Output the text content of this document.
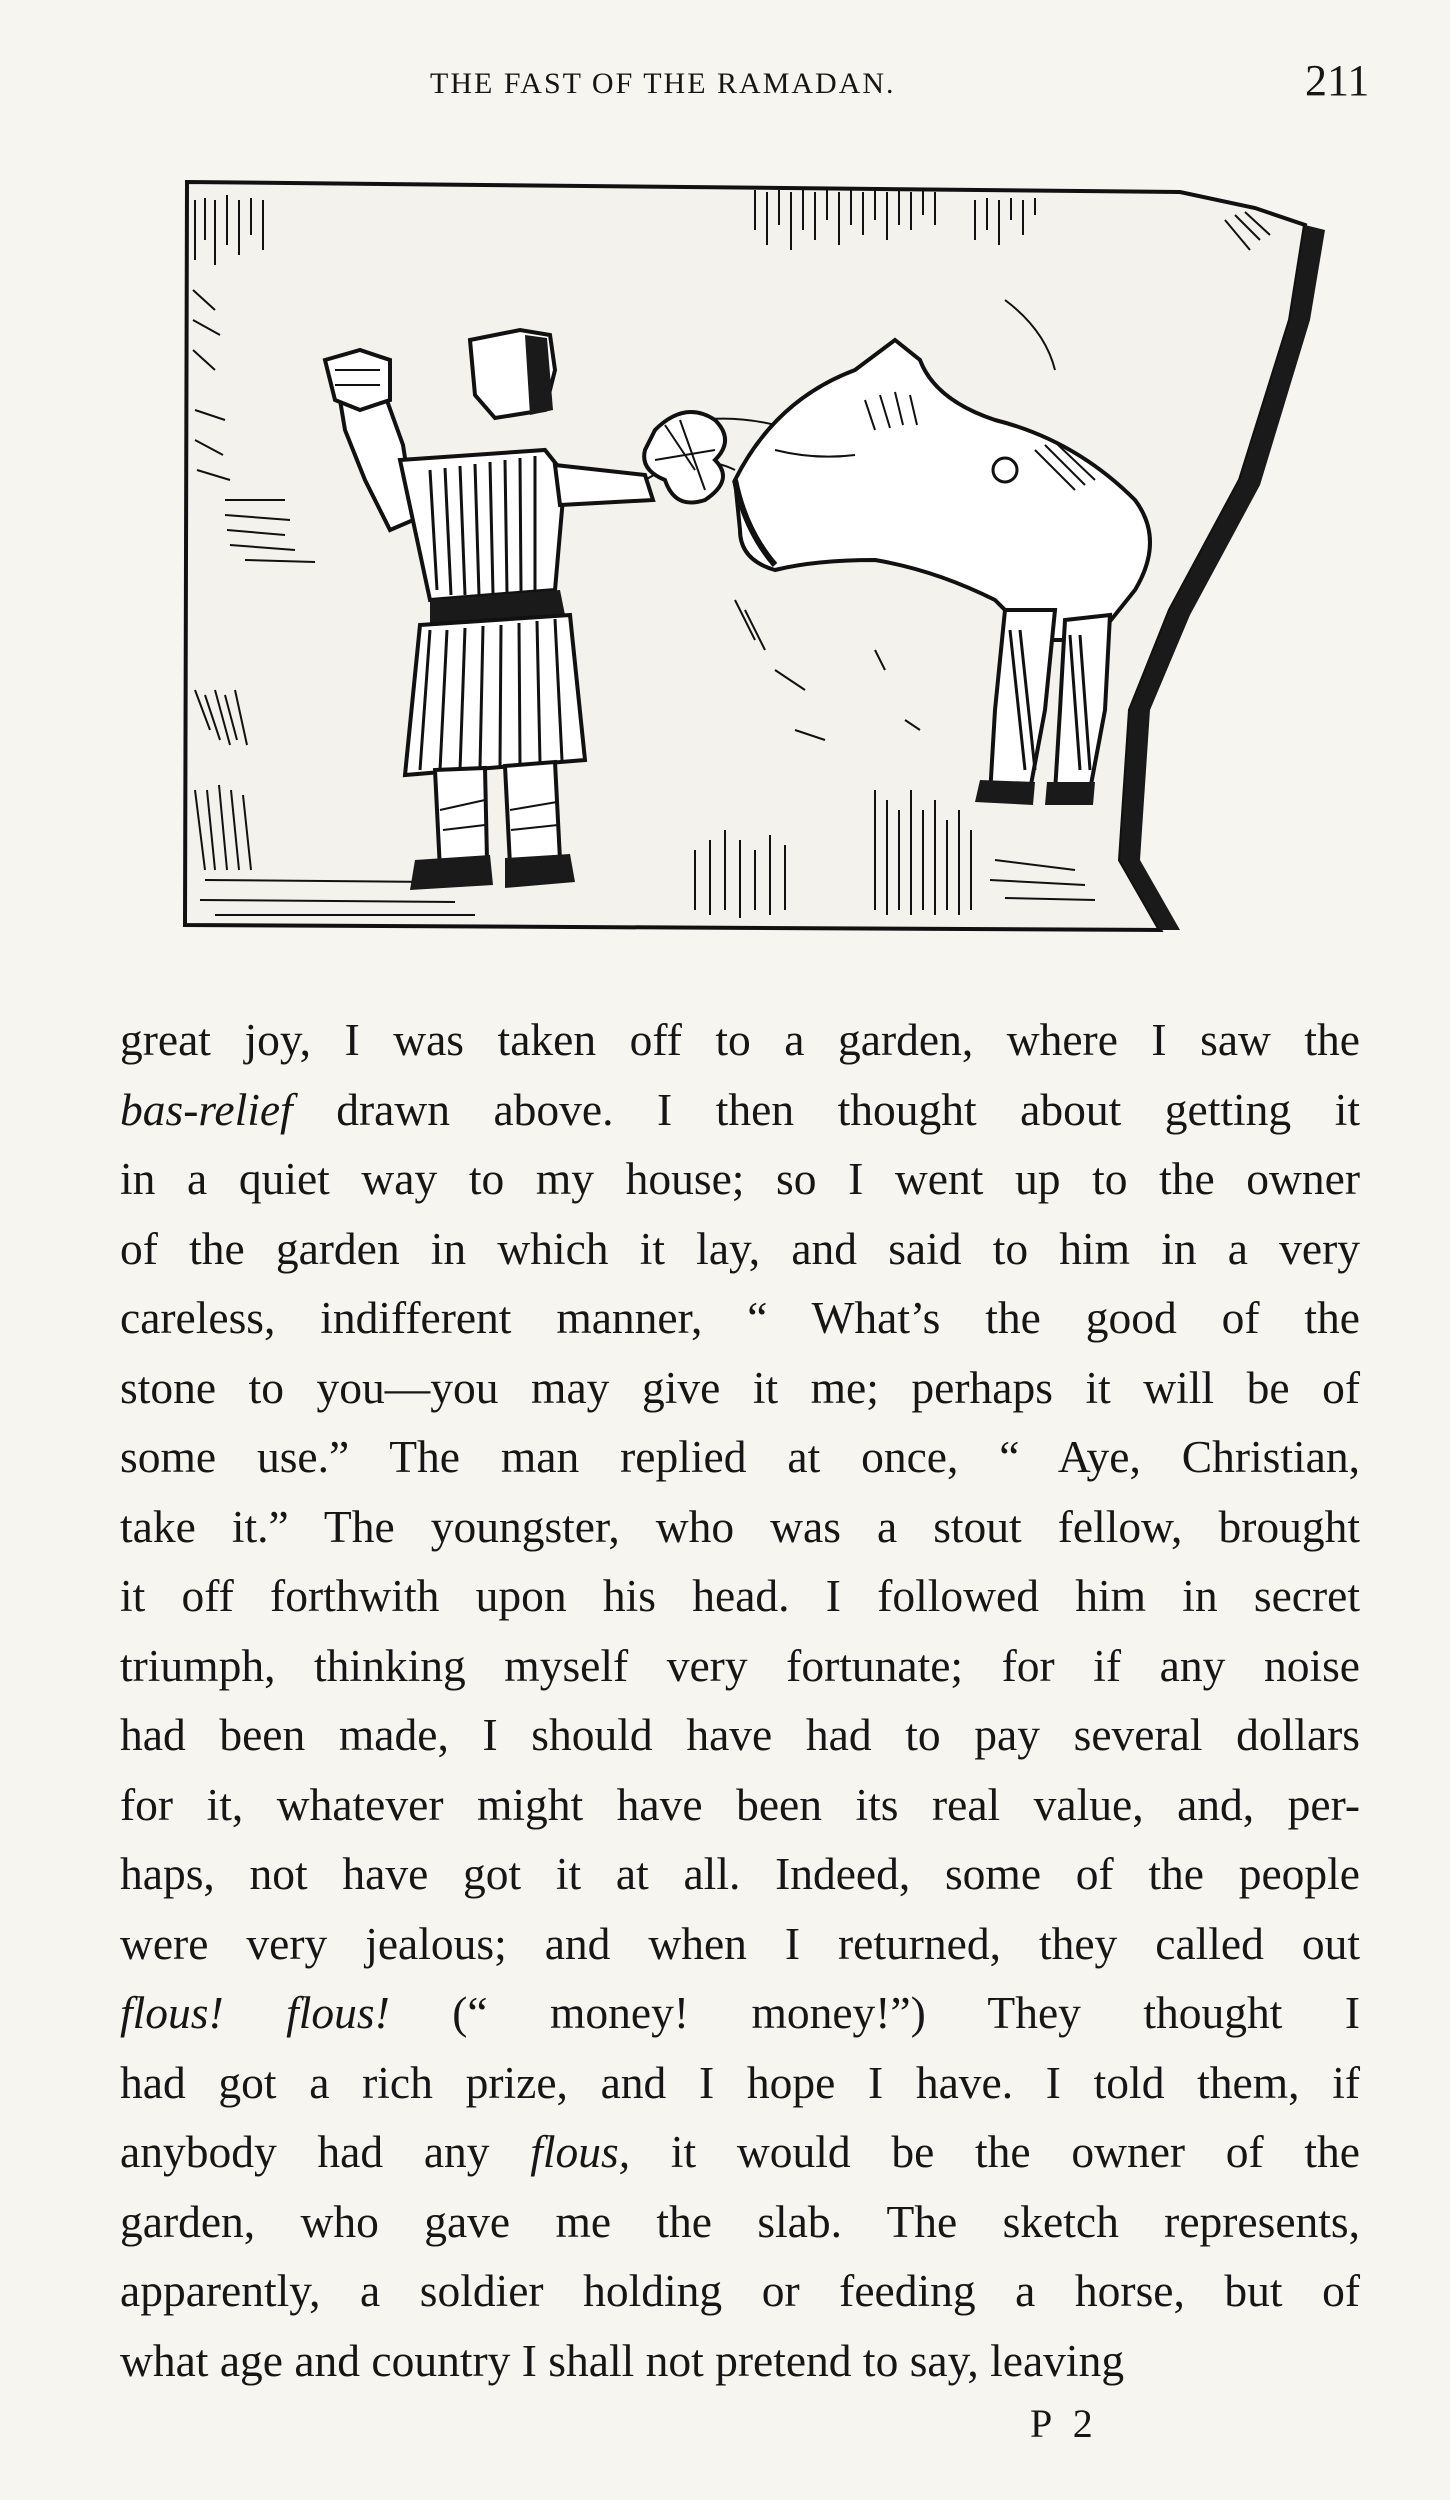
THE FAST OF THE RAMADAN.	211
great joy, I was taken off to a garden, where I saw the
bas-relief drawn above. I then thought about getting it
in a quiet way to my house; so I went up to the owner
of the garden in which it lay, and said to him in a very
careless, indifferent manner, “ What’s the good of the
stone to you—you may give it me; perhaps it will be of
some use.” The man replied at once, “ Aye, Christian,
take it.” The youngster, who was a stout fellow, brought
it off forthwith upon his head. I followed him in secret
triumph, thinking myself very fortunate; for if any noise
had been made, I should have had to pay several dollars
for it, whatever might have been its real value, and, per-
haps, not have got it at all. Indeed, some of the people
were very jealous; and when I returned, they called out
flous! flous! (“ money! money!”) They thought I
had got a rich prize, and I hope I have. I told them, if
anybody had any flous, it would be the owner of the
garden, who gave me the slab. The sketch represents,
apparently, a soldier holding or feeding a horse, but of
what age and country I shall not pretend to say, leaving
P 2
